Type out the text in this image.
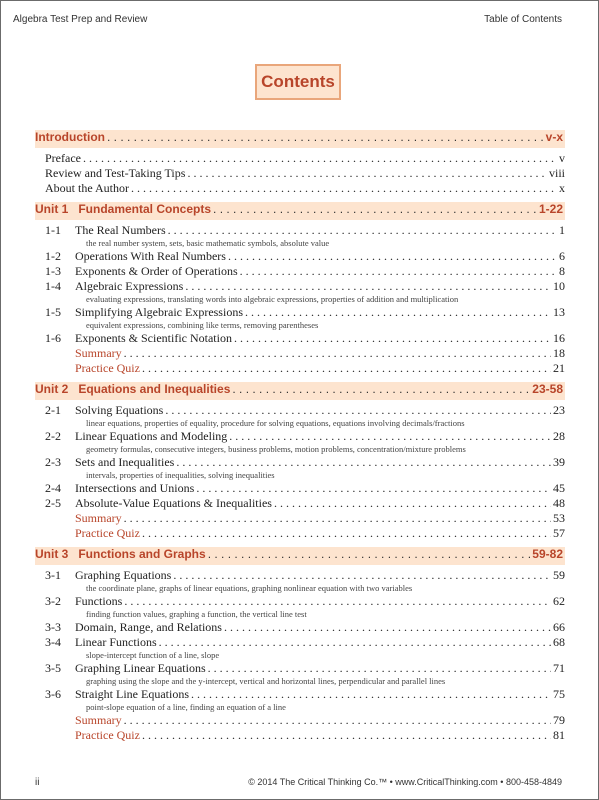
Algebra Test Prep and Review	Table of Contents
Contents
Introduction . . .	v-x
Preface . . .	v
Review and Test-Taking Tips . . .	viii
About the Author . . .	x
Unit 1 Fundamental Concepts . . .	1-22
1-1	The Real Numbers . . .	1
the real number system, sets, basic mathematic symbols, absolute value
1-2	Operations With Real Numbers . . .	6
1-3	Exponents & Order of Operations . . .	8
1-4	Algebraic Expressions . . .	10
evaluating expressions, translating words into algebraic expressions, properties of addition and multiplication
1-5	Simplifying Algebraic Expressions . . .	13
equivalent expressions, combining like terms, removing parentheses
1-6	Exponents & Scientific Notation . . .	16
Summary . . .	18
Practice Quiz . . .	21
Unit 2 Equations and Inequalities . . .	23-58
2-1	Solving Equations . . .	23
linear equations, properties of equality, procedure for solving equations, equations involving decimals/fractions
2-2	Linear Equations and Modeling . . .	28
geometry formulas, consecutive integers, business problems, motion problems, concentration/mixture problems
2-3	Sets and Inequalities . . .	39
intervals, properties of inequalities, solving inequalities
2-4	Intersections and Unions . . .	45
2-5	Absolute-Value Equations & Inequalities . . .	48
Summary . . .	53
Practice Quiz . . .	57
Unit 3 Functions and Graphs . . .	59-82
3-1	Graphing Equations . . .	59
the coordinate plane, graphs of linear equations, graphing nonlinear equation with two variables
3-2	Functions . . .	62
finding function values, graphing a function, the vertical line test
3-3	Domain, Range, and Relations . . .	66
3-4	Linear Functions . . .	68
slope-intercept function of a line, slope
3-5	Graphing Linear Equations . . .	71
graphing using the slope and the y-intercept, vertical and horizontal lines, perpendicular and parallel lines
3-6	Straight Line Equations . . .	75
point-slope equation of a line, finding an equation of a line
Summary . . .	79
Practice Quiz . . .	81
ii	© 2014 The Critical Thinking Co.™ • www.CriticalThinking.com • 800-458-4849
